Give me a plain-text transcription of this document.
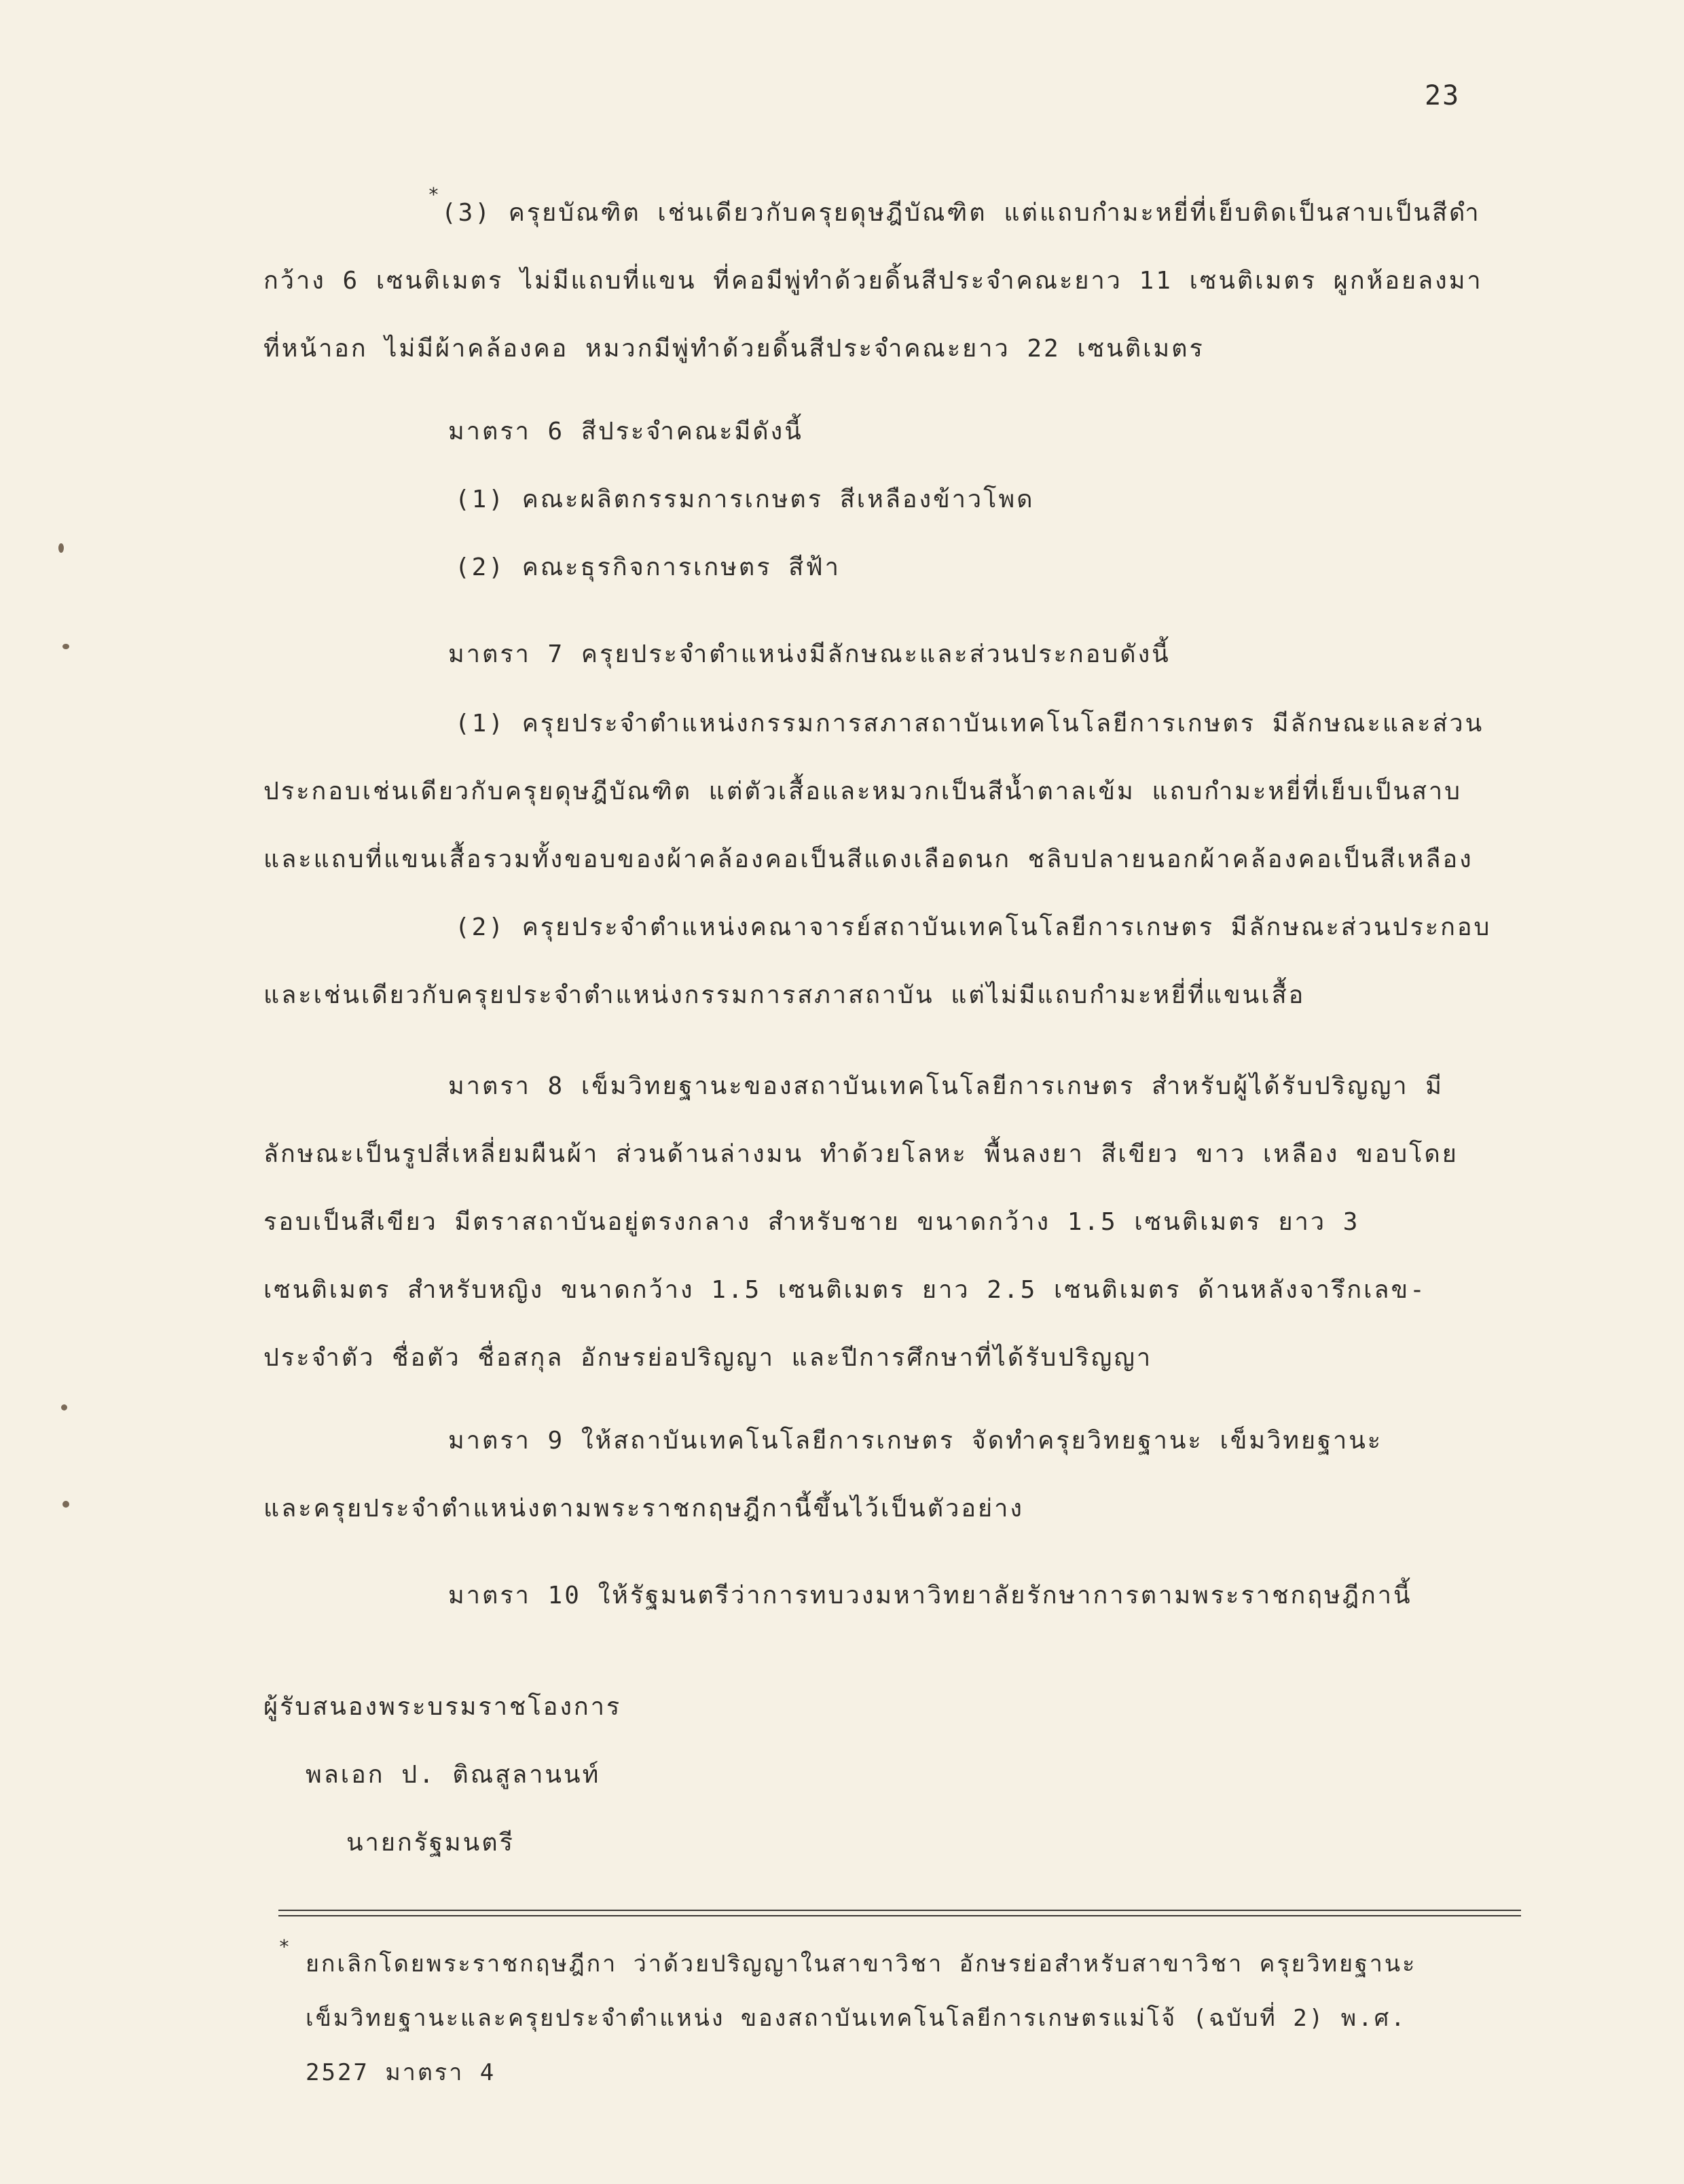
23
*
(3) ครุยบัณฑิต เช่นเดียวกับครุยดุษฎีบัณฑิต แต่แถบกำมะหยี่ที่เย็บติดเป็นสาบเป็นสีดำ
กว้าง 6 เซนติเมตร ไม่มีแถบที่แขน ที่คอมีพู่ทำด้วยดิ้นสีประจำคณะยาว 11 เซนติเมตร ผูกห้อยลงมา
ที่หน้าอก ไม่มีผ้าคล้องคอ หมวกมีพู่ทำด้วยดิ้นสีประจำคณะยาว 22 เซนติเมตร
มาตรา 6 สีประจำคณะมีดังนี้
(1) คณะผลิตกรรมการเกษตร สีเหลืองข้าวโพด
(2) คณะธุรกิจการเกษตร สีฟ้า
มาตรา 7 ครุยประจำตำแหน่งมีลักษณะและส่วนประกอบดังนี้
(1) ครุยประจำตำแหน่งกรรมการสภาสถาบันเทคโนโลยีการเกษตร มีลักษณะและส่วน
ประกอบเช่นเดียวกับครุยดุษฎีบัณฑิต แต่ตัวเสื้อและหมวกเป็นสีน้ำตาลเข้ม แถบกำมะหยี่ที่เย็บเป็นสาบ
และแถบที่แขนเสื้อรวมทั้งขอบของผ้าคล้องคอเป็นสีแดงเลือดนก ชลิบปลายนอกผ้าคล้องคอเป็นสีเหลือง
(2) ครุยประจำตำแหน่งคณาจารย์สถาบันเทคโนโลยีการเกษตร มีลักษณะส่วนประกอบ
และเช่นเดียวกับครุยประจำตำแหน่งกรรมการสภาสถาบัน แต่ไม่มีแถบกำมะหยี่ที่แขนเสื้อ
มาตรา 8 เข็มวิทยฐานะของสถาบันเทคโนโลยีการเกษตร สำหรับผู้ได้รับปริญญา มี
ลักษณะเป็นรูปสี่เหลี่ยมผืนผ้า ส่วนด้านล่างมน ทำด้วยโลหะ พื้นลงยา สีเขียว ขาว เหลือง ขอบโดย
รอบเป็นสีเขียว มีตราสถาบันอยู่ตรงกลาง สำหรับชาย ขนาดกว้าง 1.5 เซนติเมตร ยาว 3
เซนติเมตร สำหรับหญิง ขนาดกว้าง 1.5 เซนติเมตร ยาว 2.5 เซนติเมตร ด้านหลังจารึกเลข-
ประจำตัว ชื่อตัว ชื่อสกุล อักษรย่อปริญญา และปีการศึกษาที่ได้รับปริญญา
มาตรา 9 ให้สถาบันเทคโนโลยีการเกษตร จัดทำครุยวิทยฐานะ เข็มวิทยฐานะ
และครุยประจำตำแหน่งตามพระราชกฤษฎีกานี้ขึ้นไว้เป็นตัวอย่าง
มาตรา 10 ให้รัฐมนตรีว่าการทบวงมหาวิทยาลัยรักษาการตามพระราชกฤษฎีกานี้
ผู้รับสนองพระบรมราชโองการ
พลเอก ป. ติณสูลานนท์
นายกรัฐมนตรี
*
ยกเลิกโดยพระราชกฤษฎีกา ว่าด้วยปริญญาในสาขาวิชา อักษรย่อสำหรับสาขาวิชา ครุยวิทยฐานะ
เข็มวิทยฐานะและครุยประจำตำแหน่ง ของสถาบันเทคโนโลยีการเกษตรแม่โจ้ (ฉบับที่ 2) พ.ศ.
2527 มาตรา 4
